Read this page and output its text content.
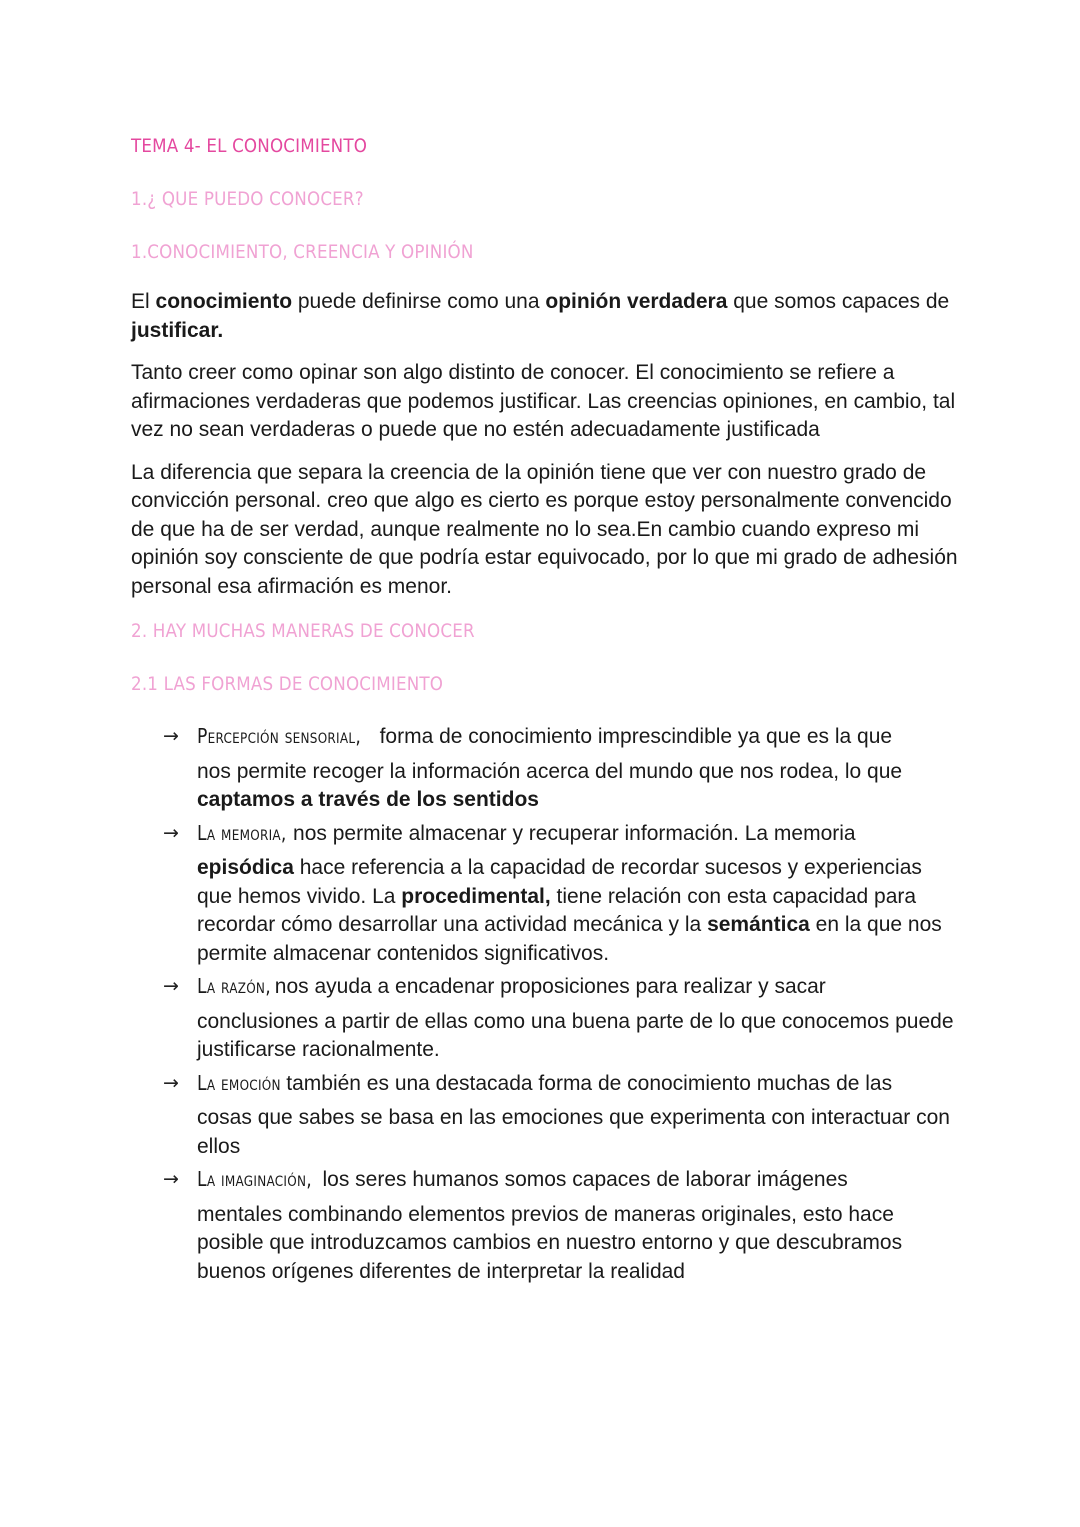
TEMA 4- EL CONOCIMIENTO
1.¿ QUE PUEDO CONOCER?
1.CONOCIMIENTO, CREENCIA Y OPINIÓN

El conocimiento puede definirse como una opinión verdadera que somos capaces de justificar.

Tanto creer como opinar son algo distinto de conocer. El conocimiento se refiere a afirmaciones verdaderas que podemos justificar. Las creencias opiniones, en cambio, tal vez no sean verdaderas o puede que no estén adecuadamente justificada

La diferencia que separa la creencia de la opinión tiene que ver con nuestro grado de convicción personal. creo que algo es cierto es porque estoy personalmente convencido de que ha de ser verdad, aunque realmente no lo sea.En cambio cuando expreso mi opinión soy consciente de que podría estar equivocado, por lo que mi grado de adhesión personal esa afirmación es menor.

2. HAY MUCHAS MANERAS DE CONOCER
2.1 LAS FORMAS DE CONOCIMIENTO
→ Percepción sensorial, forma de conocimiento imprescindible ya que es la que
nos permite recoger la información acerca del mundo que nos rodea, lo que captamos a través de los sentidos
→ La memoria, nos permite almacenar y recuperar información. La memoria
episódica hace referencia a la capacidad de recordar sucesos y experiencias que hemos vivido. La procedimental, tiene relación con esta capacidad para recordar cómo desarrollar una actividad mecánica y la semántica en la que nos permite almacenar contenidos significativos.
→ La razón, nos ayuda a encadenar proposiciones para realizar y sacar
conclusiones a partir de ellas como una buena parte de lo que conocemos puede justificarse racionalmente.
→ La emoción también es una destacada forma de conocimiento muchas de las
cosas que sabes se basa en las emociones que experimenta con interactuar con ellos
→ La imaginación, los seres humanos somos capaces de laborar imágenes
mentales combinando elementos previos de maneras originales, esto hace posible que introduzcamos cambios en nuestro entorno y que descubramos buenos orígenes diferentes de interpretar la realidad
